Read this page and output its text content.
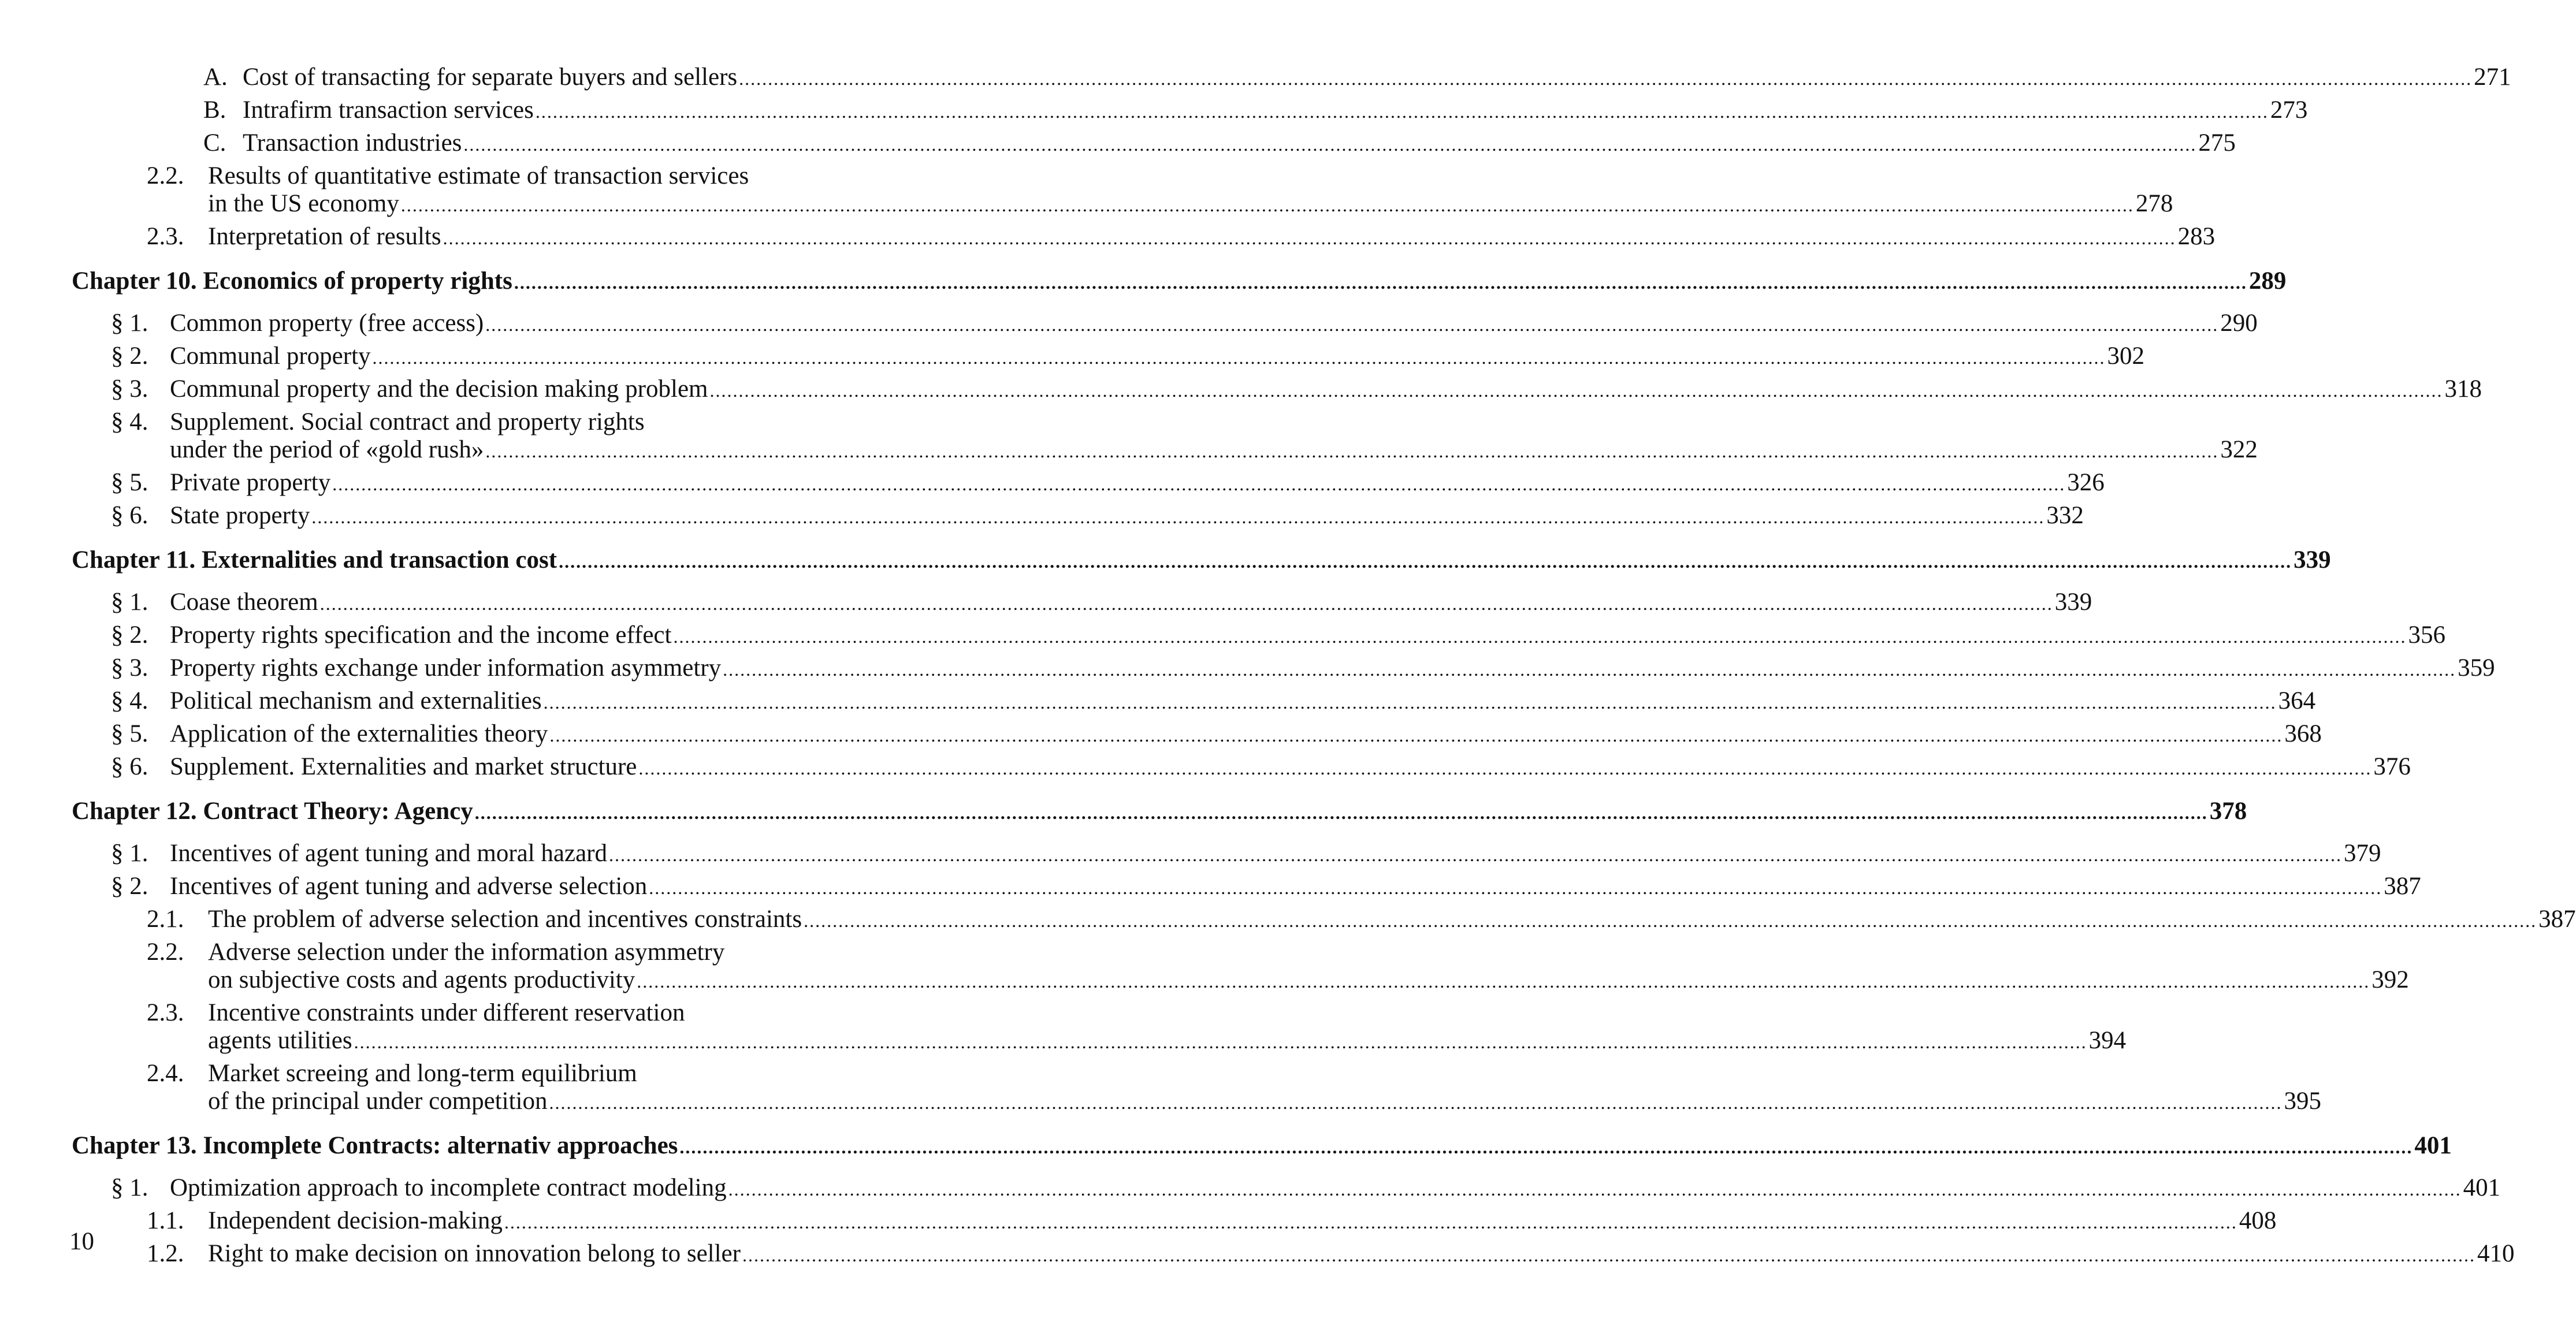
A. Cost of transacting for separate buyers and sellers ............................................................................................................................................................................................................................................................................................................ 271
B. Intrafirm transaction services ............................................................................................................................................................................................................................................................................................................ 273
C. Transaction industries ............................................................................................................................................................................................................................................................................................................ 275
2.2. Results of quantitative estimate of transaction services
in the US economy ............................................................................................................................................................................................................................................................................................................ 278
2.3. Interpretation of results ............................................................................................................................................................................................................................................................................................................ 283
Chapter 10. Economics of property rights ............................................................................................................................................................................................................................................................................................................ 289
§ 1. Common property (free access) ............................................................................................................................................................................................................................................................................................................ 290
§ 2. Communal property ............................................................................................................................................................................................................................................................................................................ 302
§ 3. Communal property and the decision making problem ............................................................................................................................................................................................................................................................................................................ 318
§ 4. Supplement. Social contract and property rights
under the period of «gold rush» ............................................................................................................................................................................................................................................................................................................ 322
§ 5. Private property ............................................................................................................................................................................................................................................................................................................ 326
§ 6. State property ............................................................................................................................................................................................................................................................................................................ 332
Chapter 11. Externalities and transaction cost ............................................................................................................................................................................................................................................................................................................ 339
§ 1. Coase theorem ............................................................................................................................................................................................................................................................................................................ 339
§ 2. Property rights specification and the income effect ............................................................................................................................................................................................................................................................................................................ 356
§ 3. Property rights exchange under information asymmetry ............................................................................................................................................................................................................................................................................................................ 359
§ 4. Political mechanism and externalities ............................................................................................................................................................................................................................................................................................................ 364
§ 5. Application of the externalities theory ............................................................................................................................................................................................................................................................................................................ 368
§ 6. Supplement. Externalities and market structure ............................................................................................................................................................................................................................................................................................................ 376
Chapter 12. Contract Theory: Agency ............................................................................................................................................................................................................................................................................................................ 378
§ 1. Incentives of agent tuning and moral hazard ............................................................................................................................................................................................................................................................................................................ 379
§ 2. Incentives of agent tuning and adverse selection ............................................................................................................................................................................................................................................................................................................ 387
2.1. The problem of adverse selection and incentives constraints ............................................................................................................................................................................................................................................................................................................ 387
2.2. Adverse selection under the information asymmetry
on subjective costs and agents productivity ............................................................................................................................................................................................................................................................................................................ 392
2.3. Incentive constraints under different reservation
agents utilities ............................................................................................................................................................................................................................................................................................................ 394
2.4. Market screeing and long-term equilibrium
of the principal under competition ............................................................................................................................................................................................................................................................................................................ 395
Chapter 13. Incomplete Contracts: alternativ approaches ............................................................................................................................................................................................................................................................................................................ 401
§ 1. Optimization approach to incomplete contract modeling ............................................................................................................................................................................................................................................................................................................ 401
1.1. Independent decision-making ............................................................................................................................................................................................................................................................................................................ 408
1.2. Right to make decision on innovation belong to seller ............................................................................................................................................................................................................................................................................................................ 410
10
